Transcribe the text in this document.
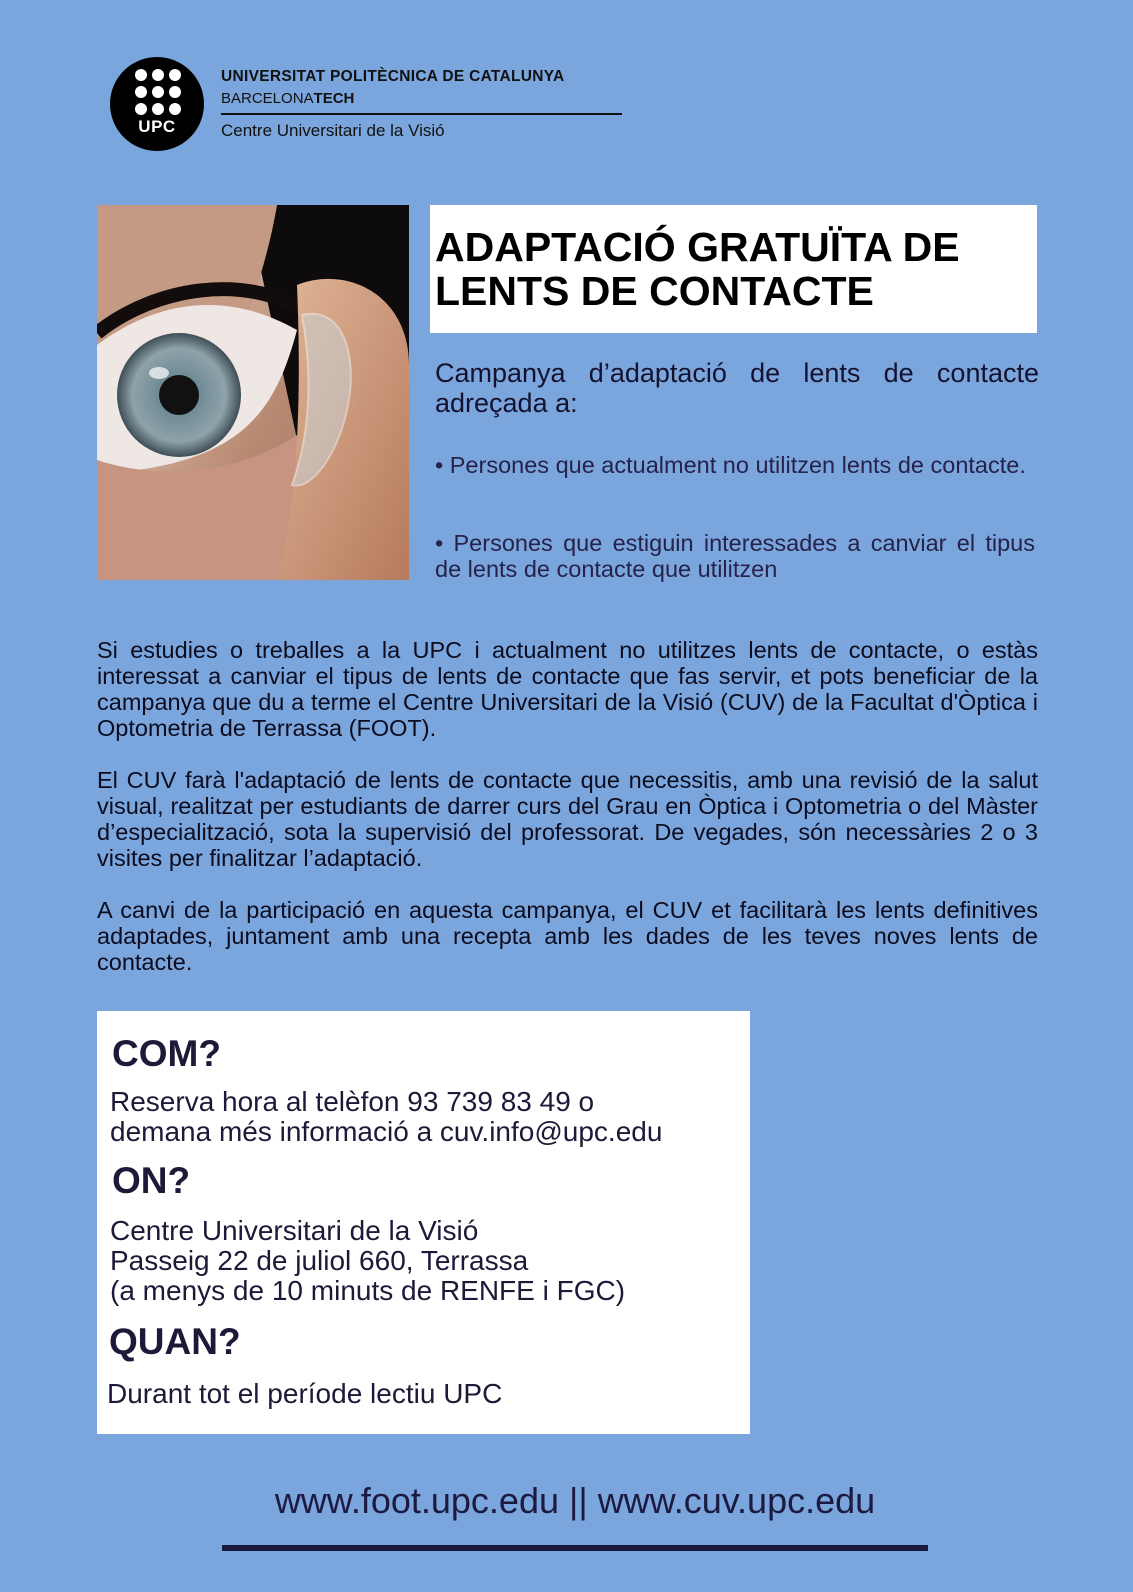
UPC
UNIVERSITAT POLITÈCNICA DE CATALUNYA
BARCELONATECH
Centre Universitari de la Visió
ADAPTACIÓ GRATUÏTA DE
LENTS DE CONTACTE

Campanya d’adaptació de lents de contacte adreçada a:

• Persones que actualment no utilitzen lents de contacte.

• Persones que estiguin interessades a canviar el tipus de lents de contacte que utilitzen

Si estudies o treballes a la UPC i actualment no utilitzes lents de contacte, o estàs interessat a canviar el tipus de lents de contacte que fas servir, et pots beneficiar de la campanya que du a terme el Centre Universitari de la Visió (CUV) de la Facultat d'Òptica i Optometria de Terrassa (FOOT).

El CUV farà l'adaptació de lents de contacte que necessitis, amb una revisió de la salut visual, realitzat per estudiants de darrer curs del Grau en Òptica i Optometria o del Màster d’especialització, sota la supervisió del professorat. De vegades, són necessàries 2 o 3 visites per finalitzar l’adaptació.

A canvi de la participació en aquesta campanya, el CUV et facilitarà les lents definitives adaptades, juntament amb una recepta amb les dades de les teves noves lents de contacte.

COM?
Reserva hora al telèfon 93 739 83 49 o
demana més informació a cuv.info@upc.edu
ON?
Centre Universitari de la Visió
Passeig 22 de juliol 660, Terrassa
(a menys de 10 minuts de RENFE i FGC)
QUAN?
Durant tot el període lectiu UPC
www.foot.upc.edu || www.cuv.upc.edu
